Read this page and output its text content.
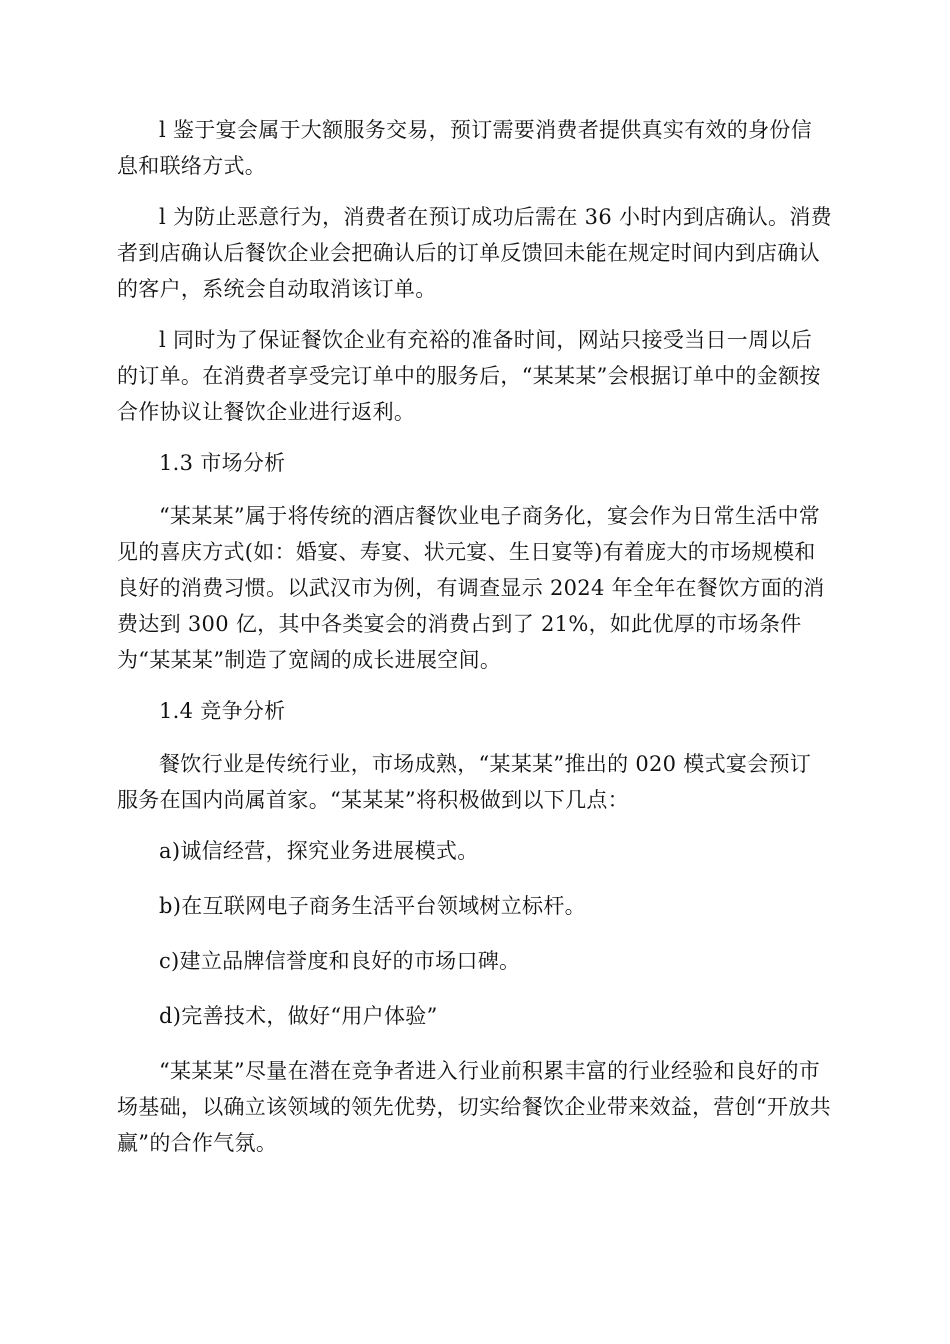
l 鉴于宴会属于大额服务交易，预订需要消费者提供真实有效的身份信息和联络方式。

l 为防止恶意行为，消费者在预订成功后需在 36 小时内到店确认。消费者到店确认后餐饮企业会把确认后的订单反馈回未能在规定时间内到店确认的客户，系统会自动取消该订单。

l 同时为了保证餐饮企业有充裕的准备时间，网站只接受当日一周以后的订单。在消费者享受完订单中的服务后，“某某某”会根据订单中的金额按合作协议让餐饮企业进行返利。

1.3 市场分析

“某某某”属于将传统的酒店餐饮业电子商务化，宴会作为日常生活中常见的喜庆方式(如：婚宴、寿宴、状元宴、生日宴等)有着庞大的市场规模和良好的消费习惯。以武汉市为例，有调查显示 2024 年全年在餐饮方面的消费达到 300 亿，其中各类宴会的消费占到了 21%，如此优厚的市场条件为“某某某”制造了宽阔的成长进展空间。

1.4 竞争分析

餐饮行业是传统行业，市场成熟，“某某某”推出的 020 模式宴会预订服务在国内尚属首家。“某某某”将积极做到以下几点：

a)诚信经营，探究业务进展模式。

b)在互联网电子商务生活平台领域树立标杆。

c)建立品牌信誉度和良好的市场口碑。

d)完善技术，做好“用户体验”

“某某某”尽量在潜在竞争者进入行业前积累丰富的行业经验和良好的市场基础，以确立该领域的领先优势，切实给餐饮企业带来效益，营创“开放共赢”的合作气氛。
